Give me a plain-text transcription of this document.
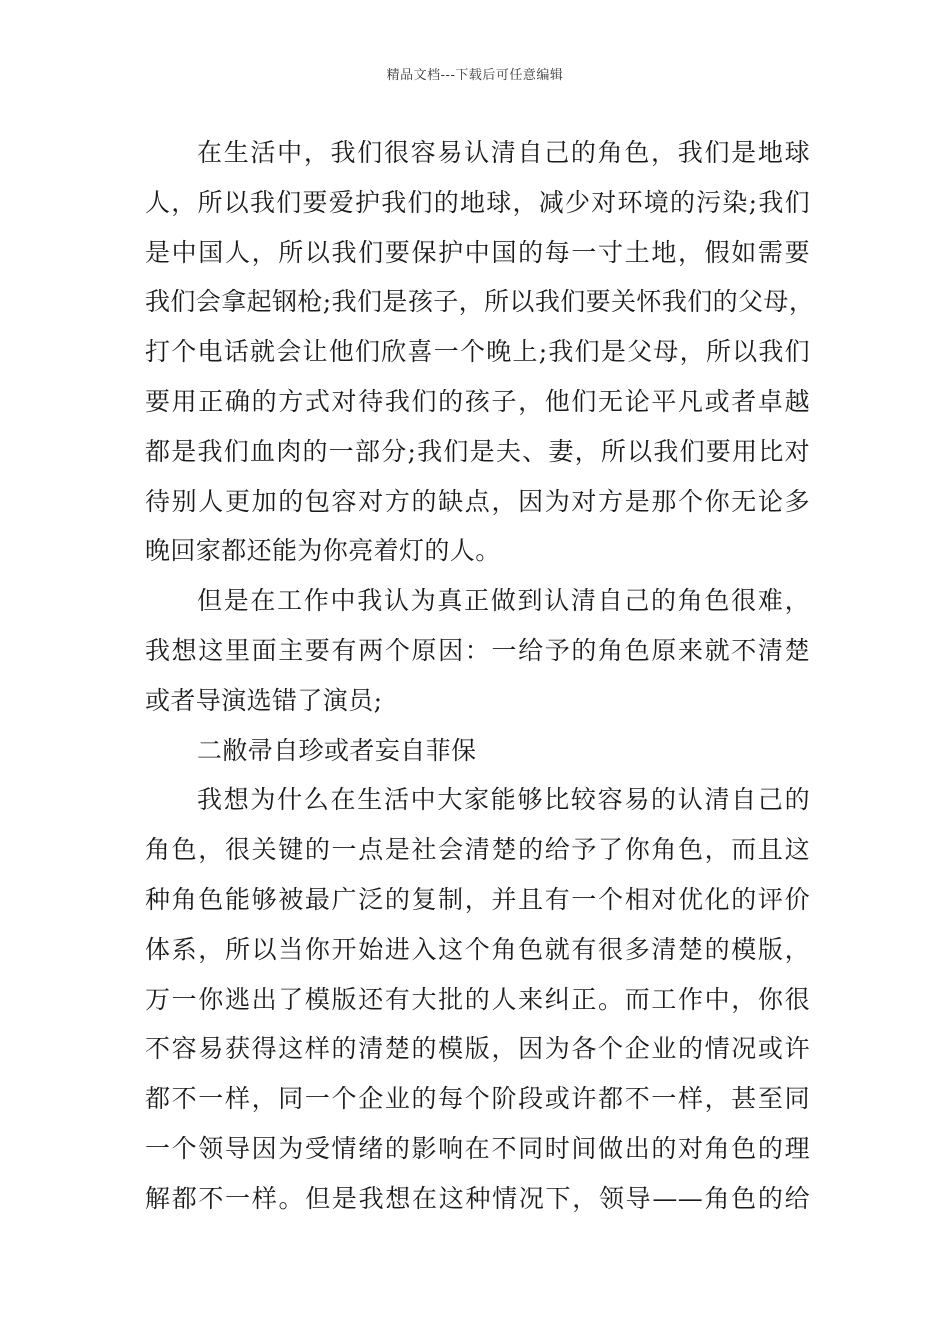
精品文档---下载后可任意编辑
在生活中，我们很容易认清自己的角色，我们是地球
人，所以我们要爱护我们的地球，减少对环境的污染;我们
是中国人，所以我们要保护中国的每一寸土地，假如需要
我们会拿起钢枪;我们是孩子，所以我们要关怀我们的父母，
打个电话就会让他们欣喜一个晚上;我们是父母，所以我们
要用正确的方式对待我们的孩子，他们无论平凡或者卓越
都是我们血肉的一部分;我们是夫、妻，所以我们要用比对
待别人更加的包容对方的缺点，因为对方是那个你无论多
晚回家都还能为你亮着灯的人。
但是在工作中我认为真正做到认清自己的角色很难，
我想这里面主要有两个原因：一给予的角色原来就不清楚
或者导演选错了演员;
二敝帚自珍或者妄自菲保
我想为什么在生活中大家能够比较容易的认清自己的
角色，很关键的一点是社会清楚的给予了你角色，而且这
种角色能够被最广泛的复制，并且有一个相对优化的评价
体系，所以当你开始进入这个角色就有很多清楚的模版，
万一你逃出了模版还有大批的人来纠正。而工作中，你很
不容易获得这样的清楚的模版，因为各个企业的情况或许
都不一样，同一个企业的每个阶段或许都不一样，甚至同
一个领导因为受情绪的影响在不同时间做出的对角色的理
解都不一样。但是我想在这种情况下，领导——角色的给
